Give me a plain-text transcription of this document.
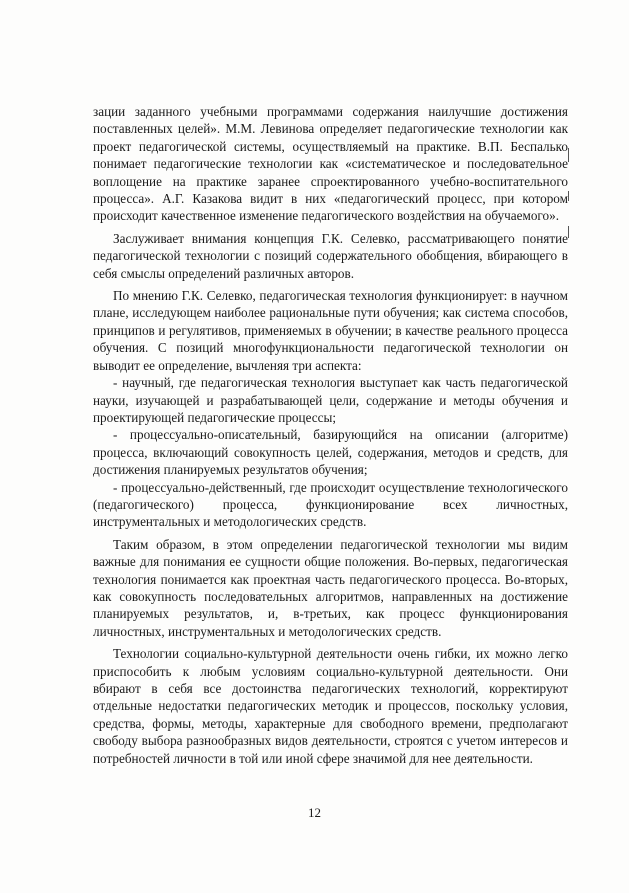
зации заданного учебными программами содержания наилучшие достижения поставленных целей». М.М. Левинова определяет педагогические технологии как проект педагогической системы, осуществляемый на практике. В.П. Беспалько понимает педагогические технологии как «систематическое и последовательное воплощение на практике заранее спроектированного учебно-воспитательного процесса». А.Г. Казакова видит в них «педагогический процесс, при котором происходит качественное изменение педагогического воздействия на обучаемого».

Заслуживает внимания концепция Г.К. Селевко, рассматривающего понятие педагогической технологии с позиций содержательного обобщения, вбирающего в себя смыслы определений различных авторов.

По мнению Г.К. Селевко, педагогическая технология функционирует: в научном плане, исследующем наиболее рациональные пути обучения; как система способов, принципов и регулятивов, применяемых в обучении; в качестве реального процесса обучения. С позиций многофункциональности педагогической технологии он выводит ее определение, вычленяя три аспекта:

- научный, где педагогическая технология выступает как часть педагогической науки, изучающей и разрабатывающей цели, содержание и методы обучения и проектирующей педагогические процессы;

- процессуально-описательный, базирующийся на описании (алгоритме) процесса, включающий совокупность целей, содержания, методов и средств, для достижения планируемых результатов обучения;

- процессуально-действенный, где происходит осуществление технологического (педагогического) процесса, функционирование всех личностных, инструментальных и методологических средств.

Таким образом, в этом определении педагогической технологии мы видим важные для понимания ее сущности общие положения. Во-первых, педагогическая технология понимается как проектная часть педагогического процесса. Во-вторых, как совокупность последовательных алгоритмов, направленных на достижение планируемых результатов, и, в-третьих, как процесс функционирования личностных, инструментальных и методологических средств.

Технологии социально-культурной деятельности очень гибки, их можно легко приспособить к любым условиям социально-культурной деятельности. Они вбирают в себя все достоинства педагогических технологий, корректируют отдельные недостатки педагогических методик и процессов, поскольку условия, средства, формы, методы, характерные для свободного времени, предполагают свободу выбора разнообразных видов деятельности, строятся с учетом интересов и потребностей личности в той или иной сфере значимой для нее деятельности.

12
